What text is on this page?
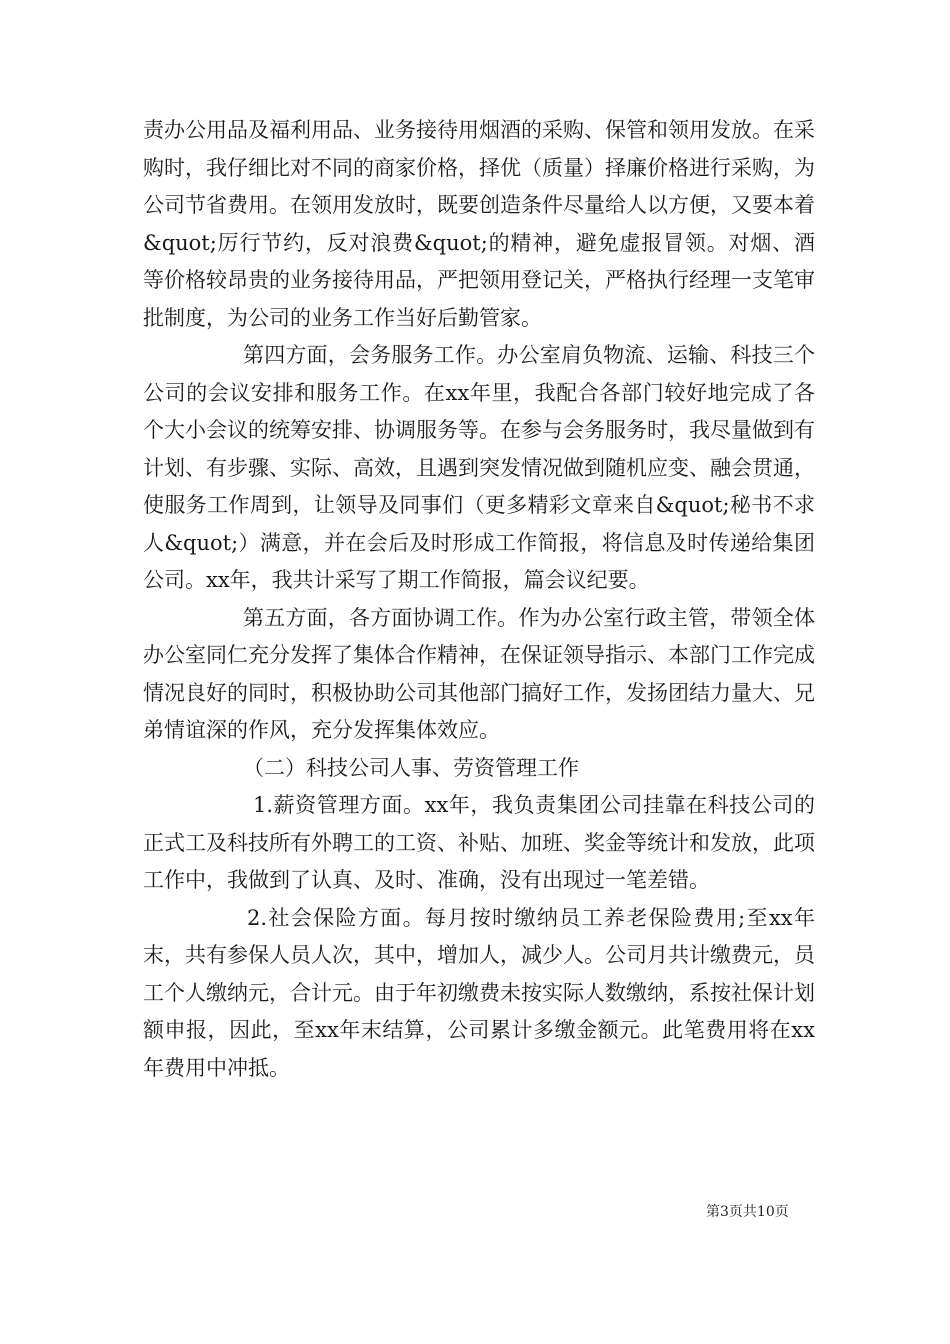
责办公用品及福利用品、业务接待用烟酒的采购、保管和领用发放。在采购时，我仔细比对不同的商家价格，择优（质量）择廉价格进行采购，为公司节省费用。在领用发放时，既要创造条件尽量给人以方便，又要本着&quot;厉行节约，反对浪费&quot;的精神，避免虚报冒领。对烟、酒等价格较昂贵的业务接待用品，严把领用登记关，严格执行经理一支笔审批制度，为公司的业务工作当好后勤管家。

第四方面，会务服务工作。办公室肩负物流、运输、科技三个公司的会议安排和服务工作。在xx年里，我配合各部门较好地完成了各个大小会议的统筹安排、协调服务等。在参与会务服务时，我尽量做到有计划、有步骤、实际、高效，且遇到突发情况做到随机应变、融会贯通，使服务工作周到，让领导及同事们（更多精彩文章来自&quot;秘书不求人&quot;）满意，并在会后及时形成工作简报，将信息及时传递给集团公司。xx年，我共计采写了期工作简报，篇会议纪要。

第五方面，各方面协调工作。作为办公室行政主管，带领全体办公室同仁充分发挥了集体合作精神，在保证领导指示、本部门工作完成情况良好的同时，积极协助公司其他部门搞好工作，发扬团结力量大、兄弟情谊深的作风，充分发挥集体效应。

（二）科技公司人事、劳资管理工作

1.薪资管理方面。xx年，我负责集团公司挂靠在科技公司的正式工及科技所有外聘工的工资、补贴、加班、奖金等统计和发放，此项工作中，我做到了认真、及时、准确，没有出现过一笔差错。

2.社会保险方面。每月按时缴纳员工养老保险费用;至xx年末，共有参保人员人次，其中，增加人，减少人。公司月共计缴费元，员工个人缴纳元，合计元。由于年初缴费未按实际人数缴纳，系按社保计划额申报，因此，至xx年末结算，公司累计多缴金额元。此笔费用将在xx年费用中冲抵。

第3页共10页
